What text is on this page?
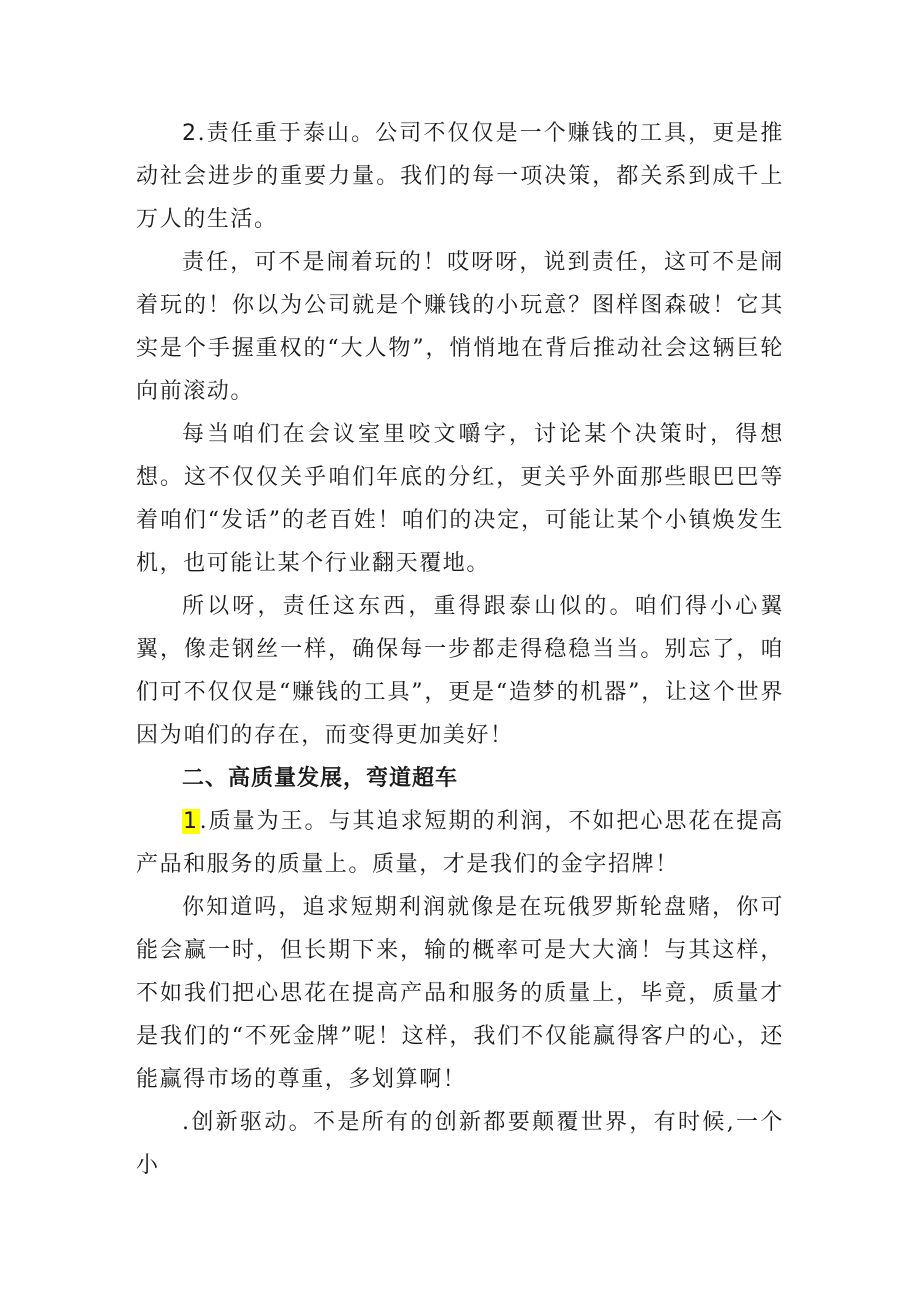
2.责任重于泰山。公司不仅仅是一个赚钱的工具，更是推动社会进步的重要力量。我们的每一项决策，都关系到成千上万人的生活。

责任，可不是闹着玩的！哎呀呀，说到责任，这可不是闹着玩的！你以为公司就是个赚钱的小玩意？图样图森破！它其实是个手握重权的“大人物”，悄悄地在背后推动社会这辆巨轮向前滚动。

每当咱们在会议室里咬文嚼字，讨论某个决策时，得想想。这不仅仅关乎咱们年底的分红，更关乎外面那些眼巴巴等着咱们“发话”的老百姓！咱们的决定，可能让某个小镇焕发生机，也可能让某个行业翻天覆地。

所以呀，责任这东西，重得跟泰山似的。咱们得小心翼翼，像走钢丝一样，确保每一步都走得稳稳当当。别忘了，咱们可不仅仅是“赚钱的工具”，更是“造梦的机器”，让这个世界因为咱们的存在，而变得更加美好！

二、高质量发展，弯道超车

1.质量为王。与其追求短期的利润，不如把心思花在提高产品和服务的质量上。质量，才是我们的金字招牌！

你知道吗，追求短期利润就像是在玩俄罗斯轮盘赌，你可能会赢一时，但长期下来，输的概率可是大大滴！与其这样，不如我们把心思花在提高产品和服务的质量上，毕竟，质量才是我们的“不死金牌”呢！这样，我们不仅能赢得客户的心，还能赢得市场的尊重，多划算啊！

.创新驱动。不是所有的创新都要颠覆世界，有时候,一个小
